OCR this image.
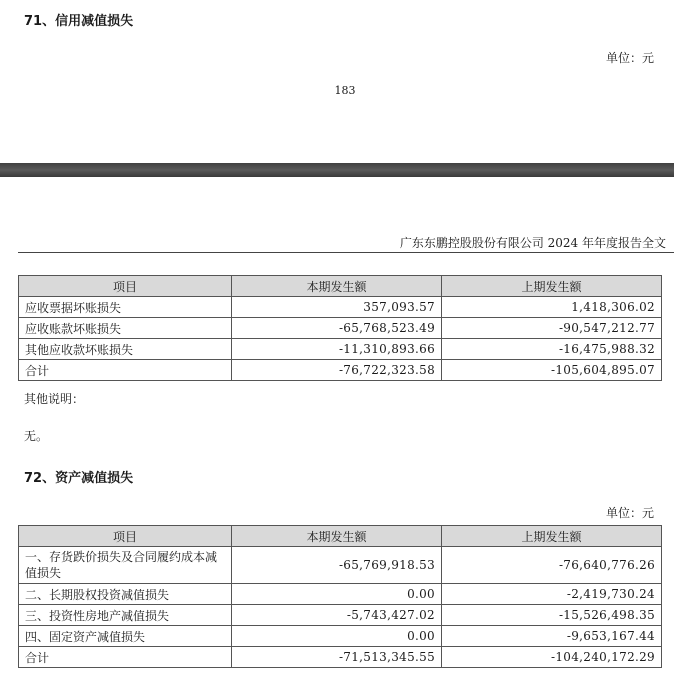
71、信用减值损失
单位：元
183
广东东鹏控股股份有限公司 2024 年年度报告全文
项目	本期发生额	上期发生额
应收票据坏账损失	357,093.57	1,418,306.02
应收账款坏账损失	-65,768,523.49	-90,547,212.77
其他应收款坏账损失	-11,310,893.66	-16,475,988.32
合计	-76,722,323.58	-105,604,895.07
其他说明：
无。
72、资产减值损失
单位：元
项目	本期发生额	上期发生额
一、存货跌价损失及合同履约成本减值损失	-65,769,918.53	-76,640,776.26
二、长期股权投资减值损失	0.00	-2,419,730.24
三、投资性房地产减值损失	-5,743,427.02	-15,526,498.35
四、固定资产减值损失	0.00	-9,653,167.44
合计	-71,513,345.55	-104,240,172.29
